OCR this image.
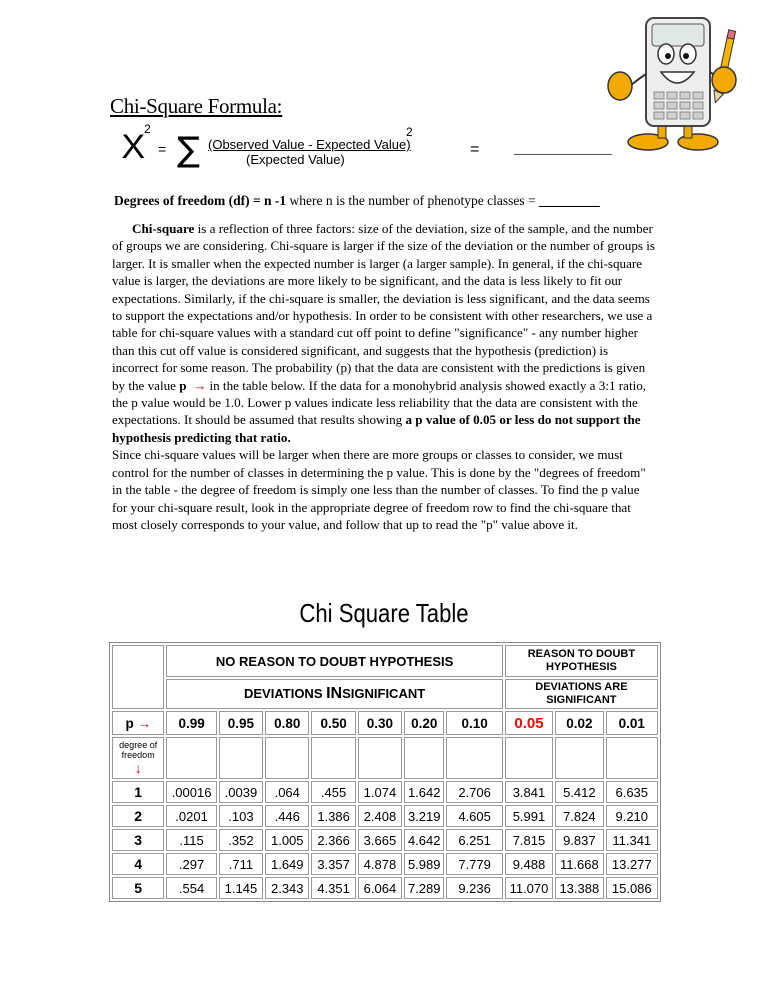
Chi-Square Formula:
X
2
= ∑ (Observed Value - Expected Value)
2
(Expected Value)
= ______________
Degrees of freedom (df) = n -1 where n is the number of phenotype classes = _________

Chi-square is a reflection of three factors: size of the deviation, size of the sample, and the number of groups we are considering. Chi-square is larger if the size of the deviation or the number of groups is larger. It is smaller when the expected number is larger (a larger sample). In general, if the chi-square value is larger, the deviations are more likely to be significant, and the data is less likely to fit our expectations. Similarly, if the chi-square is smaller, the deviation is less significant, and the data seems to support the expectations and/or hypothesis. In order to be consistent with other researchers, we use a table for chi-square values with a standard cut off point to define "significance" - any number higher than this cut off value is considered significant, and suggests that the hypothesis (prediction) is incorrect for some reason. The probability (p) that the data are consistent with the predictions is given by the value p → in the table below. If the data for a monohybrid analysis showed exactly a 3:1 ratio, the p value would be 1.0. Lower p values indicate less reliability that the data are consistent with the expectations. It should be assumed that results showing a p value of 0.05 or less do not support the hypothesis predicting that ratio.

Since chi-square values will be larger when there are more groups or classes to consider, we must control for the number of classes in determining the p value. This is done by the "degrees of freedom" in the table - the degree of freedom is simply one less than the number of classes. To find the p value for your chi-square result, look in the appropriate degree of freedom row to find the chi-square that most closely corresponds to your value, and follow that up to read the "p" value above it.

Chi Square Table
	NO REASON TO DOUBT HYPOTHESIS							REASON TO DOUBT HYPOTHESIS		
	DEVIATIONS INSIGNIFICANT							DEVIATIONS ARE SIGNIFICANT		
p →	0.99	0.95	0.80	0.50	0.30	0.20	0.10	0.05	0.02	0.01

degree of freedom
↓										

1	.00016	.0039	.064	.455	1.074	1.642	2.706	3.841	5.412	6.635
2	.0201	.103	.446	1.386	2.408	3.219	4.605	5.991	7.824	9.210
3	.115	.352	1.005	2.366	3.665	4.642	6.251	7.815	9.837	11.341
4	.297	.711	1.649	3.357	4.878	5.989	7.779	9.488	11.668	13.277
5	.554	1.145	2.343	4.351	6.064	7.289	9.236	11.070	13.388	15.086
